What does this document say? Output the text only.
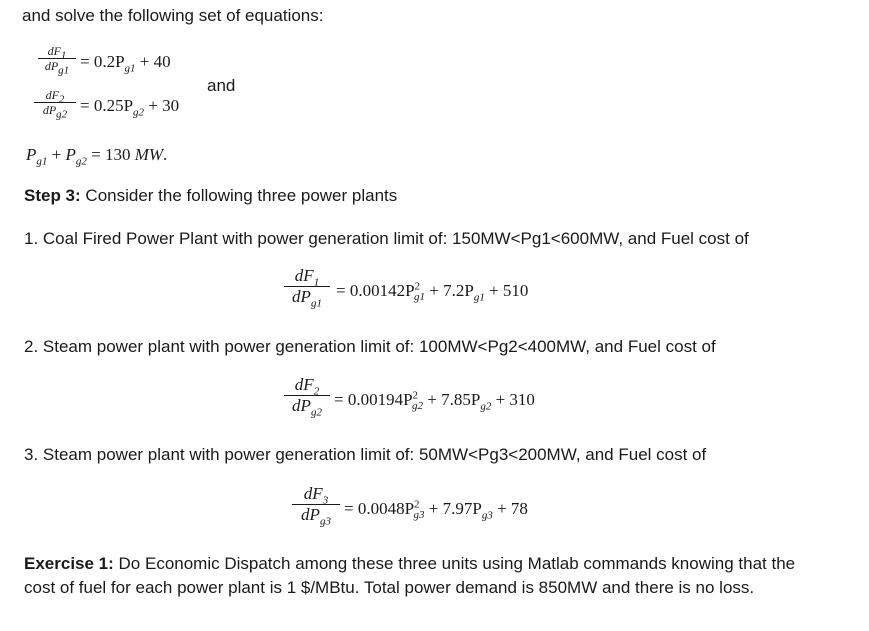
and solve the following set of equations:
$dF_1$
$dP_{g1} = 0.2P_{g1} + 40$
and
$dF_2$
$dP_{g2} = 0.25P_{g2} + 30$
$P_{g1} + P_{g2} = 130$ MW.
Step 3: Consider the following three power plants
1. Coal Fired Power Plant with power generation limit of: 150MW<Pg1<600MW, and Fuel cost of
$dF_1$
$dP_{g1}$
= $0.00142P^2_{g1} + 7.2P_{g1} + 510$
2. Steam power plant with power generation limit of: 100MW<Pg2<400MW, and Fuel cost of
$dF_2$
$dP_{g2}$
= $0.00194P^2_{g2} + 7.85P_{g2} + 310$
3. Steam power plant with power generation limit of: 50MW<Pg3<200MW, and Fuel cost of
$dF_3$
$dP_{g3}$
= $0.0048P^2_{g3} + 7.97P_{g3} + 78$
Exercise 1: Do Economic Dispatch among these three units using Matlab commands knowing that the
cost of fuel for each power plant is 1 $/MBtu. Total power demand is 850MW and there is no loss.
